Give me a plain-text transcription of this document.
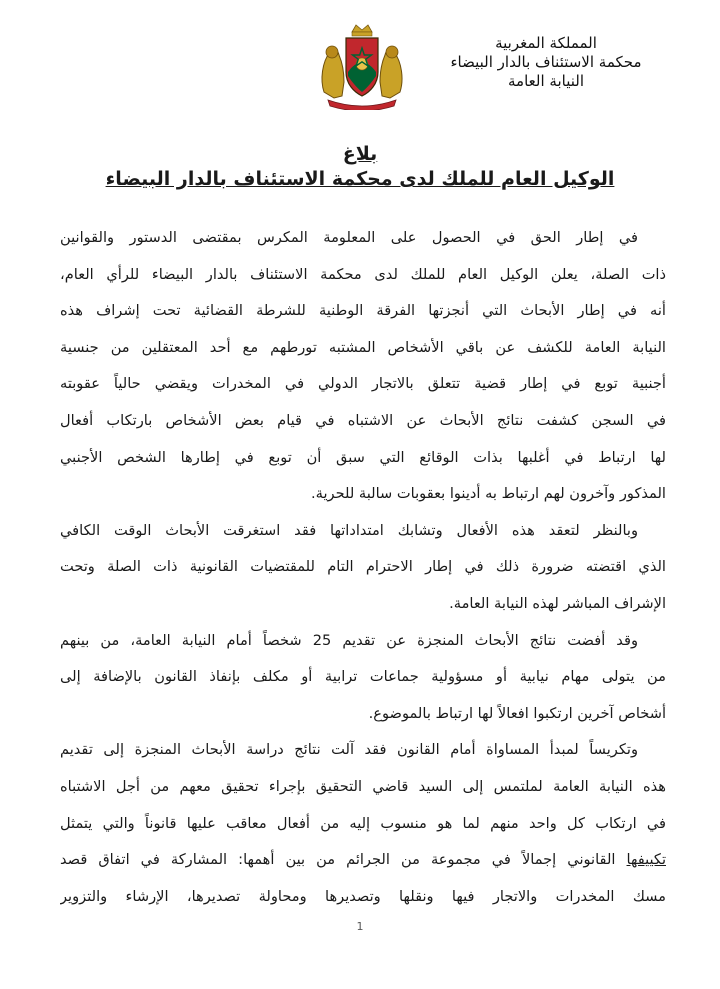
المملكة المغربية
محكمة الاستئناف بالدار البيضاء
النيابة العامة
بلاغ
الوكيل العام للملك لدى محكمة الاستئناف بالدار البيضاء
في إطار الحق في الحصول على المعلومة المكرس بمقتضى الدستور والقوانين
ذات الصلة، يعلن الوكيل العام للملك لدى محكمة الاستئناف بالدار البيضاء للرأي العام،
أنه في إطار الأبحاث التي أنجزتها الفرقة الوطنية للشرطة القضائية تحت إشراف هذه
النيابة العامة للكشف عن باقي الأشخاص المشتبه تورطهم مع أحد المعتقلين من جنسية
أجنبية توبع في إطار قضية تتعلق بالاتجار الدولي في المخدرات ويقضي حالياً عقوبته
في السجن كشفت نتائج الأبحاث عن الاشتباه في قيام بعض الأشخاص بارتكاب أفعال
لها ارتباط في أغلبها بذات الوقائع التي سبق أن توبع في إطارها الشخص الأجنبي
المذكور وآخرون لهم ارتباط به أدينوا بعقوبات سالبة للحرية.
وبالنظر لتعقد هذه الأفعال وتشابك امتداداتها فقد استغرقت الأبحاث الوقت الكافي
الذي اقتضته ضرورة ذلك في إطار الاحترام التام للمقتضيات القانونية ذات الصلة وتحت
الإشراف المباشر لهذه النيابة العامة.
وقد أفضت نتائج الأبحاث المنجزة عن تقديم 25 شخصاً أمام النيابة العامة، من بينهم
من يتولى مهام نيابية أو مسؤولية جماعات ترابية أو مكلف بإنفاذ القانون بالإضافة إلى
أشخاص آخرين ارتكبوا افعالاً لها ارتباط بالموضوع.
وتكريساً لمبدأ المساواة أمام القانون فقد آلت نتائج دراسة الأبحاث المنجزة إلى تقديم
هذه النيابة العامة لملتمس إلى السيد قاضي التحقيق بإجراء تحقيق معهم من أجل الاشتباه
في ارتكاب كل واحد منهم لما هو منسوب إليه من أفعال معاقب عليها قانوناً والتي يتمثل
تكييفها القانوني إجمالاً في مجموعة من الجرائم من بين أهمها: المشاركة في اتفاق قصد
مسك المخدرات والاتجار فيها ونقلها وتصديرها ومحاولة تصديرها، الإرشاء والتزوير
1
